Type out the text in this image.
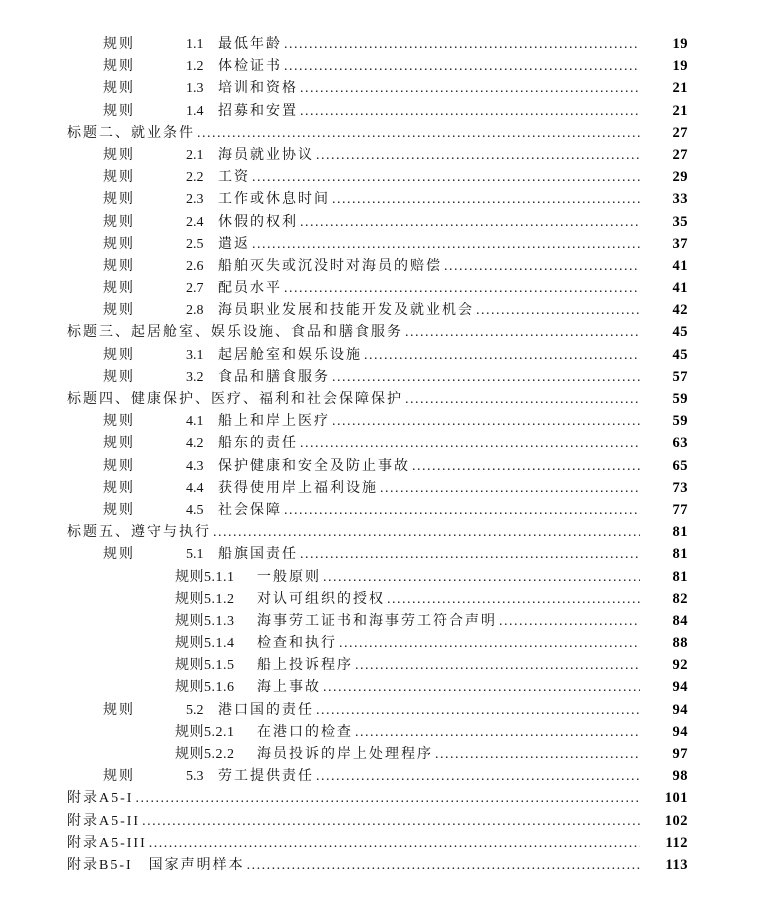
规则	1.1	最低年龄 .....	19
规则	1.2	体检证书 .....	19
规则	1.3	培训和资格 .....	21
规则	1.4	招募和安置 .....	21
标题二、就业条件 .....	27
规则	2.1	海员就业协议 .....	27
规则	2.2	工资 .....	29
规则	2.3	工作或休息时间 .....	33
规则	2.4	休假的权利 .....	35
规则	2.5	遣返 .....	37
规则	2.6	船舶灭失或沉没时对海员的赔偿 .....	41
规则	2.7	配员水平 .....	41
规则	2.8	海员职业发展和技能开发及就业机会 .....	42
标题三、起居舱室、娱乐设施、食品和膳食服务 .....	45
规则	3.1	起居舱室和娱乐设施 .....	45
规则	3.2	食品和膳食服务 .....	57
标题四、健康保护、医疗、福利和社会保障保护 .....	59
规则	4.1	船上和岸上医疗 .....	59
规则	4.2	船东的责任 .....	63
规则	4.3	保护健康和安全及防止事故 .....	65
规则	4.4	获得使用岸上福利设施 .....	73
规则	4.5	社会保障 .....	77
标题五、遵守与执行 .....	81
规则	5.1	船旗国责任 .....	81
规则5.1.1	一般原则 .....	81
规则5.1.2	对认可组织的授权 .....	82
规则5.1.3	海事劳工证书和海事劳工符合声明 .....	84
规则5.1.4	检查和执行 .....	88
规则5.1.5	船上投诉程序 .....	92
规则5.1.6	海上事故 .....	94
规则	5.2	港口国的责任 .....	94
规则5.2.1	在港口的检查 .....	94
规则5.2.2	海员投诉的岸上处理程序 .....	97
规则	5.3	劳工提供责任 .....	98
附录A5-I .....	101
附录A5-II .....	102
附录A5-III .....	112
附录B5-I 国家声明样本 .....	113
